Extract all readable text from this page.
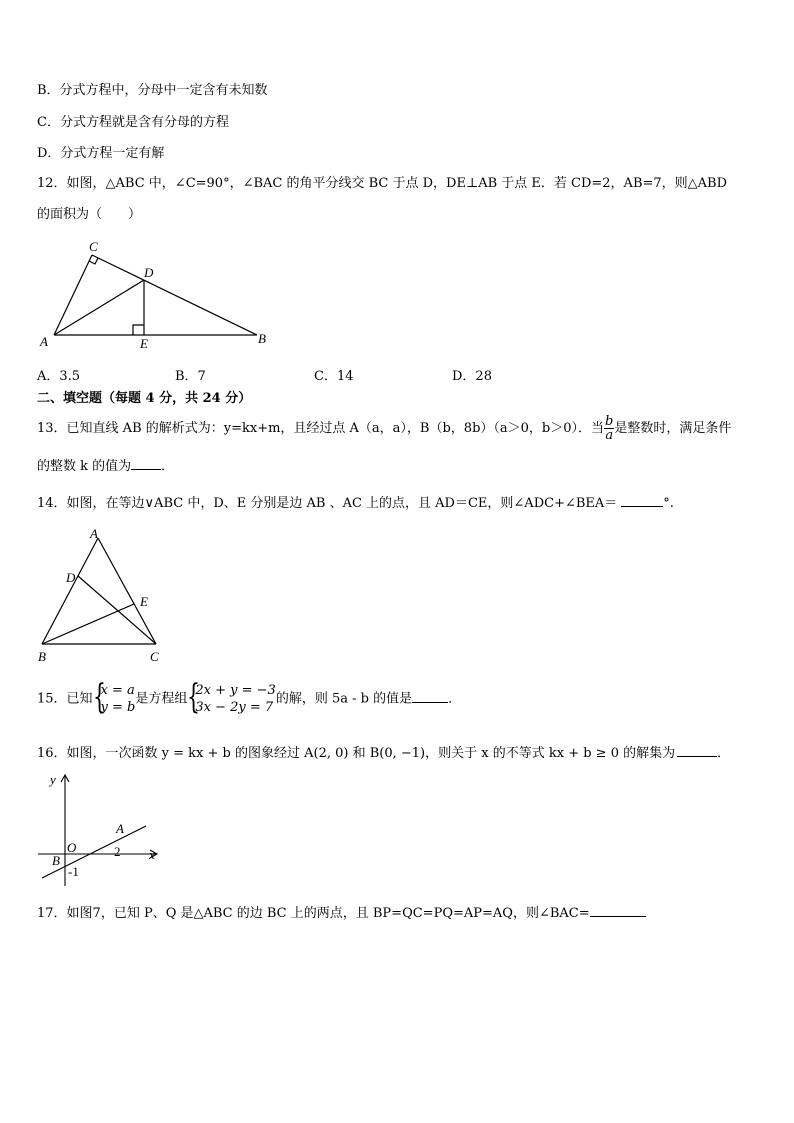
B．分式方程中，分母中一定含有未知数
C．分式方程就是含有分母的方程
D．分式方程一定有解
12．如图，△ABC 中，∠C=90°，∠BAC 的角平分线交 BC 于点 D，DE⊥AB 于点 E．若 CD=2，AB=7，则△ABD
的面积为（　　）
C
D
A	E	B
A．3.5	B．7	C．14	D．28
二、填空题（每题 4 分，共 24 分）
13．已知直线 AB 的解析式为：y=kx+m，且经过点 A（a，a），B（b，8b）（a＞0，b＞0）．当 $\frac{b}{a}$是整数时，满足条件
的整数 k 的值为 ．
14．如图，在等边∨ABC 中，D、E 分别是边 AB 、AC 上的点，且 AD＝CE，则∠ADC+∠BEA＝	°.
A
D
E
B	C
15．已知 {
x = a
y = b
是方程组 {
2x + y = −3
3x − 2y = 7
的解，则 5a - b 的值是	．
16．如图，一次函数 y = kx + b 的图象经过 A(2, 0) 和 B(0, −1)，则关于 x 的不等式 kx + b ≥ 0 的解集为	．
y
x
O
A
2
B
-1
17．如图7，已知 P、Q 是△ABC 的边 BC 上的两点，且 BP=QC=PQ=AP=AQ，则∠BAC=
